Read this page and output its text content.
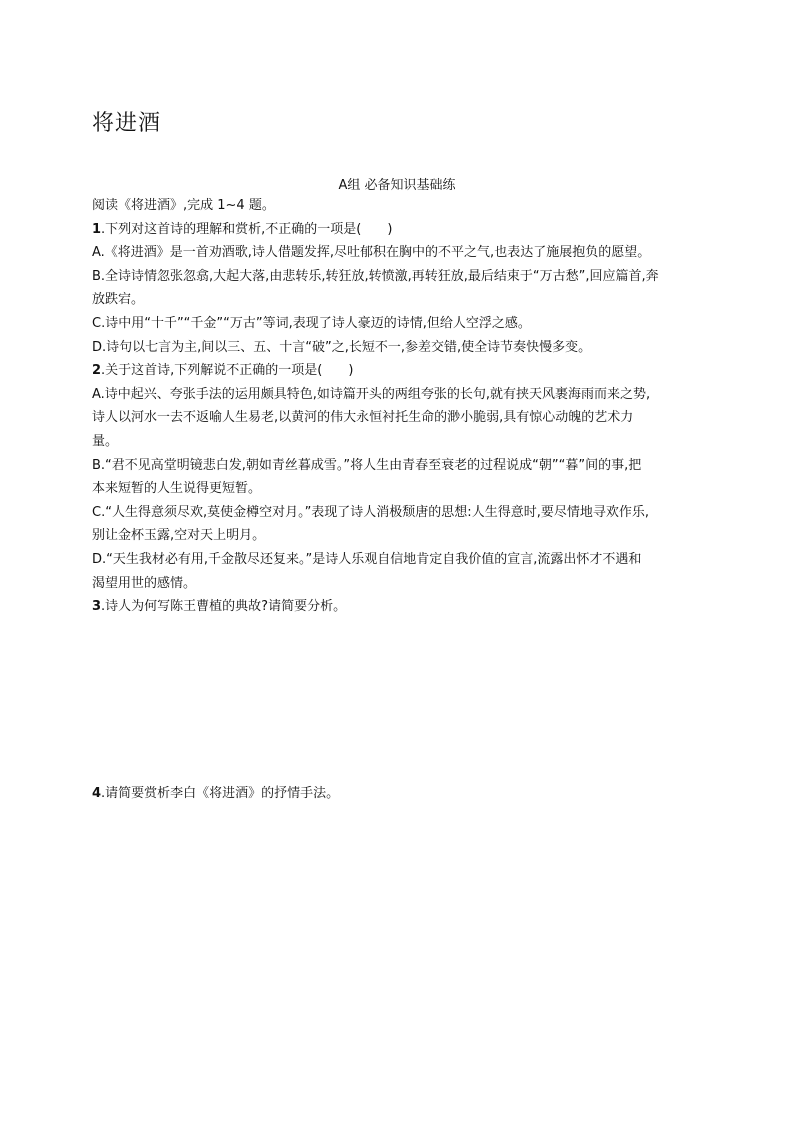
将进酒
A组 必备知识基础练
阅读《将进酒》,完成 1~4 题。
1.下列对这首诗的理解和赏析,不正确的一项是(　　)
A.《将进酒》是一首劝酒歌,诗人借题发挥,尽吐郁积在胸中的不平之气,也表达了施展抱负的愿望。
B.全诗诗情忽张忽翕,大起大落,由悲转乐,转狂放,转愤激,再转狂放,最后结束于“万古愁”,回应篇首,奔
放跌宕。
C.诗中用“十千”“千金”“万古”等词,表现了诗人豪迈的诗情,但给人空浮之感。
D.诗句以七言为主,间以三、五、十言“破”之,长短不一,参差交错,使全诗节奏快慢多变。
2.关于这首诗,下列解说不正确的一项是(　　)
A.诗中起兴、夸张手法的运用颇具特色,如诗篇开头的两组夸张的长句,就有挟天风裹海雨而来之势,
诗人以河水一去不返喻人生易老,以黄河的伟大永恒衬托生命的渺小脆弱,具有惊心动魄的艺术力
量。
B.“君不见高堂明镜悲白发,朝如青丝暮成雪。”将人生由青春至衰老的过程说成“朝”“暮”间的事,把
本来短暂的人生说得更短暂。
C.“人生得意须尽欢,莫使金樽空对月。”表现了诗人消极颓唐的思想:人生得意时,要尽情地寻欢作乐,
别让金杯玉露,空对天上明月。
D.“天生我材必有用,千金散尽还复来。”是诗人乐观自信地肯定自我价值的宣言,流露出怀才不遇和
渴望用世的感情。
3.诗人为何写陈王曹植的典故?请简要分析。
4.请简要赏析李白《将进酒》的抒情手法。
